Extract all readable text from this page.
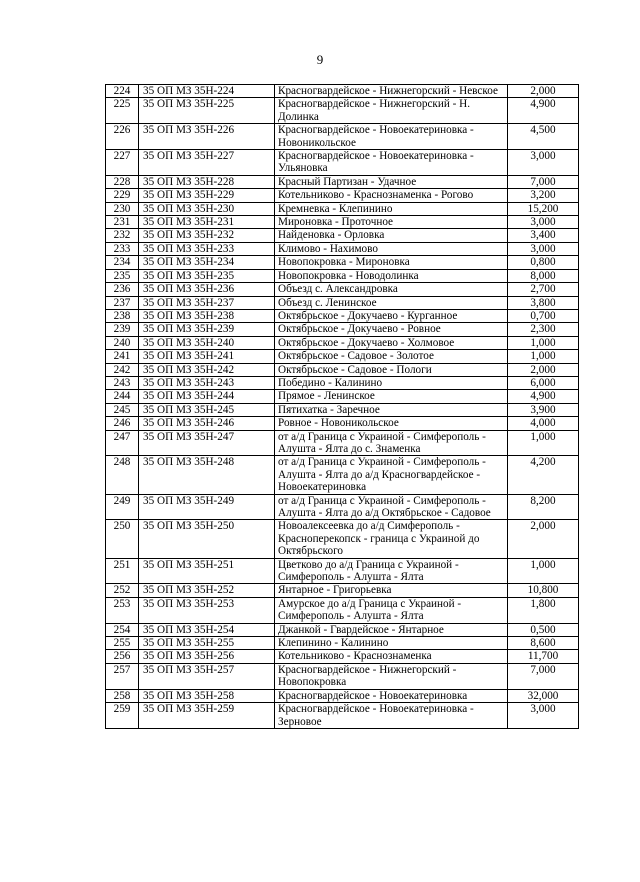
9
224	35 ОП МЗ 35Н-224	Красногвардейское - Нижнегорский - Невское	2,000
225	35 ОП МЗ 35Н-225	Красногвардейское - Нижнегорский - Н. Долинка	4,900
226	35 ОП МЗ 35Н-226	Красногвардейское - Новоекатериновка - Новоникольское	4,500
227	35 ОП МЗ 35Н-227	Красногвардейское - Новоекатериновка - Ульяновка	3,000
228	35 ОП МЗ 35Н-228	Красный Партизан - Удачное	7,000
229	35 ОП МЗ 35Н-229	Котельниково - Краснознаменка - Рогово	3,200
230	35 ОП МЗ 35Н-230	Кремневка - Клепинино	15,200
231	35 ОП МЗ 35Н-231	Мироновка - Проточное	3,000
232	35 ОП МЗ 35Н-232	Найденовка - Орловка	3,400
233	35 ОП МЗ 35Н-233	Климово - Нахимово	3,000
234	35 ОП МЗ 35Н-234	Новопокровка - Мироновка	0,800
235	35 ОП МЗ 35Н-235	Новопокровка - Новодолинка	8,000
236	35 ОП МЗ 35Н-236	Объезд с. Александровка	2,700
237	35 ОП МЗ 35Н-237	Объезд с. Ленинское	3,800
238	35 ОП МЗ 35Н-238	Октябрьское - Докучаево - Курганное	0,700
239	35 ОП МЗ 35Н-239	Октябрьское - Докучаево - Ровное	2,300
240	35 ОП МЗ 35Н-240	Октябрьское - Докучаево - Холмовое	1,000
241	35 ОП МЗ 35Н-241	Октябрьское - Садовое - Золотое	1,000
242	35 ОП МЗ 35Н-242	Октябрьское - Садовое - Пологи	2,000
243	35 ОП МЗ 35Н-243	Победино - Калинино	6,000
244	35 ОП МЗ 35Н-244	Прямое - Ленинское	4,900
245	35 ОП МЗ 35Н-245	Пятихатка - Заречное	3,900
246	35 ОП МЗ 35Н-246	Ровное - Новоникольское	4,000
247	35 ОП МЗ 35Н-247	от а/д Граница с Украиной - Симферополь - Алушта - Ялта до с. Знаменка	1,000
248	35 ОП МЗ 35Н-248	от а/д Граница с Украиной - Симферополь - Алушта - Ялта до а/д Красногвардейское - Новоекатериновка	4,200
249	35 ОП МЗ 35Н-249	от а/д Граница с Украиной - Симферополь - Алушта - Ялта до а/д Октябрьское - Садовое	8,200
250	35 ОП МЗ 35Н-250	Новоалексеевка до а/д Симферополь - Красноперекопск - граница с Украиной до Октябрьского	2,000
251	35 ОП МЗ 35Н-251	Цветково до а/д Граница с Украиной - Симферополь - Алушта - Ялта	1,000
252	35 ОП МЗ 35Н-252	Янтарное - Григорьевка	10,800
253	35 ОП МЗ 35Н-253	Амурское до а/д Граница с Украиной - Симферополь - Алушта - Ялта	1,800
254	35 ОП МЗ 35Н-254	Джанкой - Гвардейское - Янтарное	0,500
255	35 ОП МЗ 35Н-255	Клепинино - Калинино	8,600
256	35 ОП МЗ 35Н-256	Котельниково - Краснознаменка	11,700
257	35 ОП МЗ 35Н-257	Красногвардейское - Нижнегорский - Новопокровка	7,000
258	35 ОП МЗ 35Н-258	Красногвардейское - Новоекатериновка	32,000
259	35 ОП МЗ 35Н-259	Красногвардейское - Новоекатериновка - Зерновое	3,000
